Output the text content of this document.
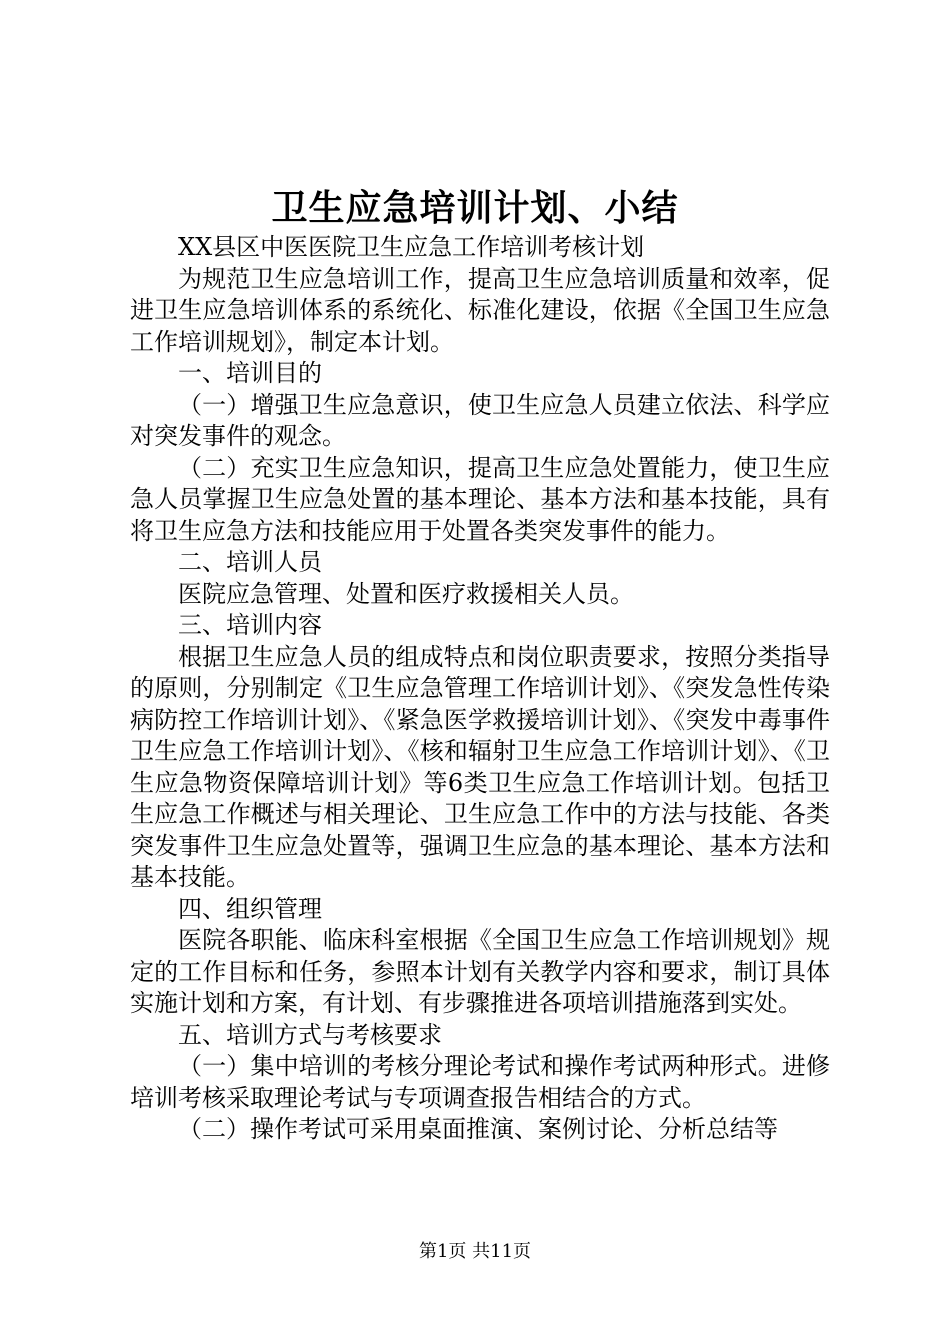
卫生应急培训计划、小结

XX县区中医医院卫生应急工作培训考核计划

为规范卫生应急培训工作，提高卫生应急培训质量和效率，促进卫生应急培训体系的系统化、标准化建设，依据《全国卫生应急工作培训规划》，制定本计划。

一、培训目的

（一）增强卫生应急意识，使卫生应急人员建立依法、科学应对突发事件的观念。

（二）充实卫生应急知识，提高卫生应急处置能力，使卫生应急人员掌握卫生应急处置的基本理论、基本方法和基本技能，具有将卫生应急方法和技能应用于处置各类突发事件的能力。

二、培训人员

医院应急管理、处置和医疗救援相关人员。

三、培训内容

根据卫生应急人员的组成特点和岗位职责要求，按照分类指导的原则，分别制定《卫生应急管理工作培训计划》、《突发急性传染病防控工作培训计划》、《紧急医学救援培训计划》、《突发中毒事件卫生应急工作培训计划》、《核和辐射卫生应急工作培训计划》、《卫生应急物资保障培训计划》等6类卫生应急工作培训计划。包括卫生应急工作概述与相关理论、卫生应急工作中的方法与技能、各类突发事件卫生应急处置等，强调卫生应急的基本理论、基本方法和基本技能。

四、组织管理

医院各职能、临床科室根据《全国卫生应急工作培训规划》规定的工作目标和任务，参照本计划有关教学内容和要求，制订具体实施计划和方案，有计划、有步骤推进各项培训措施落到实处。

五、培训方式与考核要求

（一）集中培训的考核分理论考试和操作考试两种形式。进修培训考核采取理论考试与专项调查报告相结合的方式。

（二）操作考试可采用桌面推演、案例讨论、分析总结等

第1页 共11页
